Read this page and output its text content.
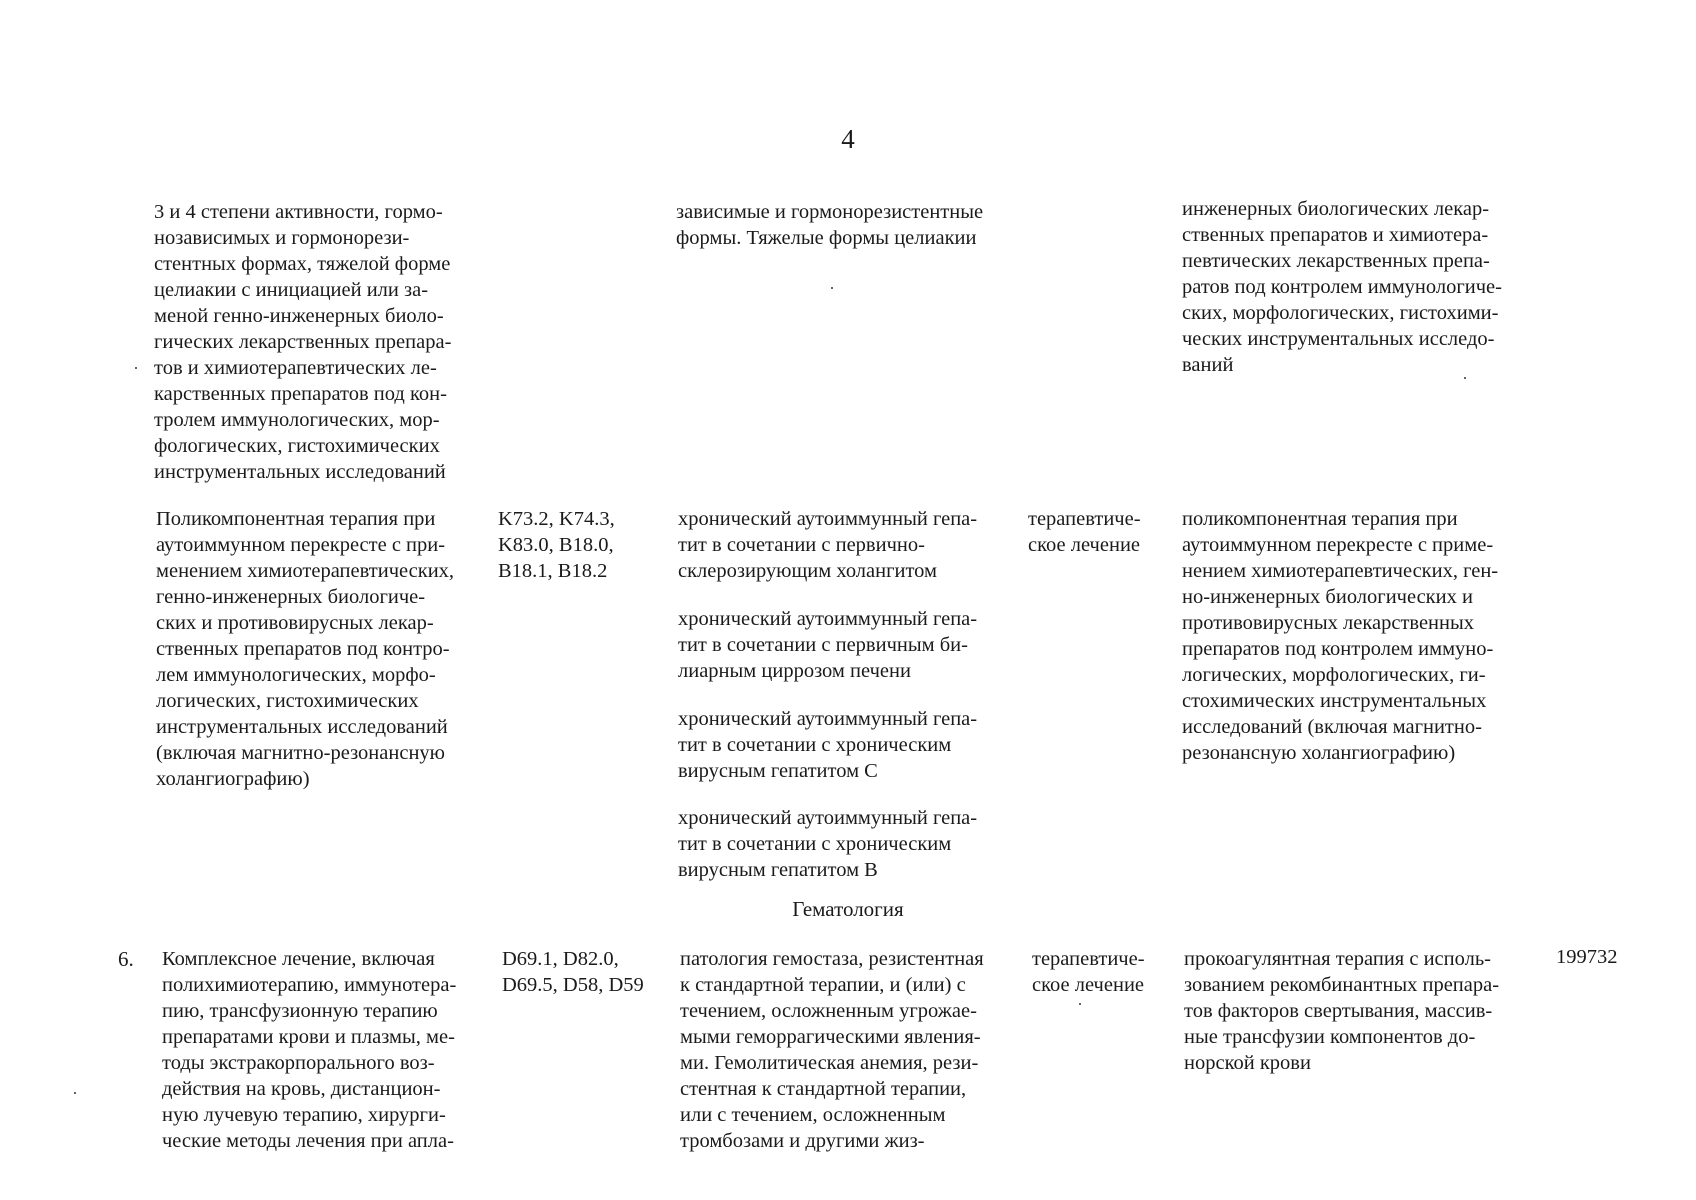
4
3 и 4 степени активности, гормо-
нозависимых и гормонорези-
стентных формах, тяжелой форме
целиакии с инициацией или за-
меной генно-инженерных биоло-
гических лекарственных препара-
тов и химиотерапевтических ле-
карственных препаратов под кон-
тролем иммунологических, мор-
фологических, гистохимических
инструментальных исследований
зависимые и гормонорезистентные
формы. Тяжелые формы целиакии
инженерных биологических лекар-
ственных препаратов и химиотера-
певтических лекарственных препа-
ратов под контролем иммунологиче-
ских, морфологических, гистохими-
ческих инструментальных исследо-
ваний
Поликомпонентная терапия при
аутоиммунном перекресте с при-
менением химиотерапевтических,
генно-инженерных биологиче-
ских и противовирусных лекар-
ственных препаратов под контро-
лем иммунологических, морфо-
логических, гистохимических
инструментальных исследований
(включая магнитно-резонансную
холангиографию)
K73.2, K74.3,
K83.0, B18.0,
B18.1, B18.2
хронический аутоиммунный гепа-
тит в сочетании с первично-
склерозирующим холангитом
хронический аутоиммунный гепа-
тит в сочетании с первичным би-
лиарным циррозом печени
хронический аутоиммунный гепа-
тит в сочетании с хроническим
вирусным гепатитом C
хронический аутоиммунный гепа-
тит в сочетании с хроническим
вирусным гепатитом B
терапевтиче-
ское лечение
поликомпонентная терапия при
аутоиммунном перекресте с приме-
нением химиотерапевтических, ген-
но-инженерных биологических и
противовирусных лекарственных
препаратов под контролем иммуно-
логических, морфологических, ги-
стохимических инструментальных
исследований (включая магнитно-
резонансную холангиографию)
Гематология
6. Комплексное лечение, включая
полихимиотерапию, иммунотера-
пию, трансфузионную терапию
препаратами крови и плазмы, ме-
тоды экстракорпорального воз-
действия на кровь, дистанцион-
ную лучевую терапию, хирурги-
ческие методы лечения при апла-
D69.1, D82.0,
D69.5, D58, D59
патология гемостаза, резистентная
к стандартной терапии, и (или) с
течением, осложненным угрожае-
мыми геморрагическими явления-
ми. Гемолитическая анемия, рези-
стентная к стандартной терапии,
или с течением, осложненным
тромбозами и другими жиз-
терапевтиче-
ское лечение
прокоагулянтная терапия с исполь-
зованием рекомбинантных препара-
тов факторов свертывания, массив-
ные трансфузии компонентов до-
норской крови
199732
